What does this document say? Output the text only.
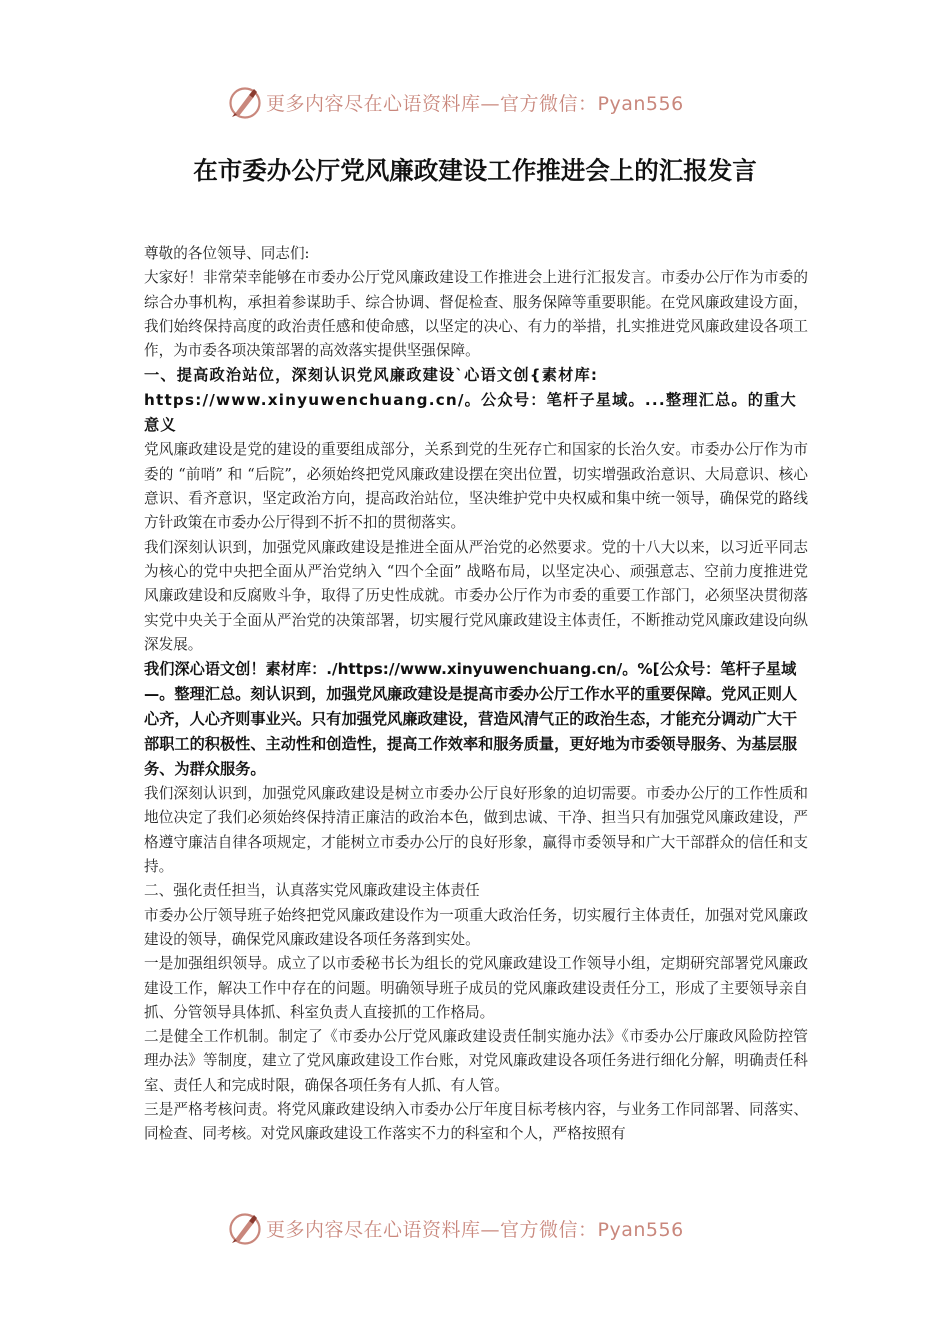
更多内容尽在心语资料库—官方微信：Pyan556
在市委办公厅党风廉政建设工作推进会上的汇报发言

尊敬的各位领导、同志们:

大家好！非常荣幸能够在市委办公厅党风廉政建设工作推进会上进行汇报发言。市委办公厅作为市委的综合办事机构，承担着参谋助手、综合协调、督促检查、服务保障等重要职能。在党风廉政建设方面，我们始终保持高度的政治责任感和使命感，以坚定的决心、有力的举措，扎实推进党风廉政建设各项工作，为市委各项决策部署的高效落实提供坚强保障。

一、提高政治站位，深刻认识党风廉政建设`心语文创{素材库: https://www.xinyuwenchuang.cn/。公众号：笔杆子星域。...整理汇总。的重大意义

党风廉政建设是党的建设的重要组成部分，关系到党的生死存亡和国家的长治久安。市委办公厅作为市委的 “前哨” 和 “后院”，必须始终把党风廉政建设摆在突出位置，切实增强政治意识、大局意识、核心意识、看齐意识，坚定政治方向，提高政治站位，坚决维护党中央权威和集中统一领导，确保党的路线方针政策在市委办公厅得到不折不扣的贯彻落实。

我们深刻认识到，加强党风廉政建设是推进全面从严治党的必然要求。党的十八大以来，以习近平同志为核心的党中央把全面从严治党纳入 “四个全面” 战略布局，以坚定决心、顽强意志、空前力度推进党风廉政建设和反腐败斗争，取得了历史性成就。市委办公厅作为市委的重要工作部门，必须坚决贯彻落实党中央关于全面从严治党的决策部署，切实履行党风廉政建设主体责任，不断推动党风廉政建设向纵深发展。

我们深心语文创！素材库：./https://www.xinyuwenchuang.cn/。%[公众号：笔杆子星域—。整理汇总。刻认识到，加强党风廉政建设是提高市委办公厅工作水平的重要保障。党风正则人心齐，人心齐则事业兴。只有加强党风廉政建设，营造风清气正的政治生态，才能充分调动广大干部职工的积极性、主动性和创造性，提高工作效率和服务质量，更好地为市委领导服务、为基层服务、为群众服务。

我们深刻认识到，加强党风廉政建设是树立市委办公厅良好形象的迫切需要。市委办公厅的工作性质和地位决定了我们必须始终保持清正廉洁的政治本色，做到忠诚、干净、担当只有加强党风廉政建设，严格遵守廉洁自律各项规定，才能树立市委办公厅的良好形象，赢得市委领导和广大干部群众的信任和支持。

二、强化责任担当，认真落实党风廉政建设主体责任

市委办公厅领导班子始终把党风廉政建设作为一项重大政治任务，切实履行主体责任，加强对党风廉政建设的领导，确保党风廉政建设各项任务落到实处。

一是加强组织领导。成立了以市委秘书长为组长的党风廉政建设工作领导小组，定期研究部署党风廉政建设工作，解决工作中存在的问题。明确领导班子成员的党风廉政建设责任分工，形成了主要领导亲自抓、分管领导具体抓、科室负责人直接抓的工作格局。

二是健全工作机制。制定了《市委办公厅党风廉政建设责任制实施办法》《市委办公厅廉政风险防控管理办法》等制度，建立了党风廉政建设工作台账，对党风廉政建设各项任务进行细化分解，明确责任科室、责任人和完成时限，确保各项任务有人抓、有人管。

三是严格考核问责。将党风廉政建设纳入市委办公厅年度目标考核内容，与业务工作同部署、同落实、同检查、同考核。对党风廉政建设工作落实不力的科室和个人，严格按照有

更多内容尽在心语资料库—官方微信：Pyan556
